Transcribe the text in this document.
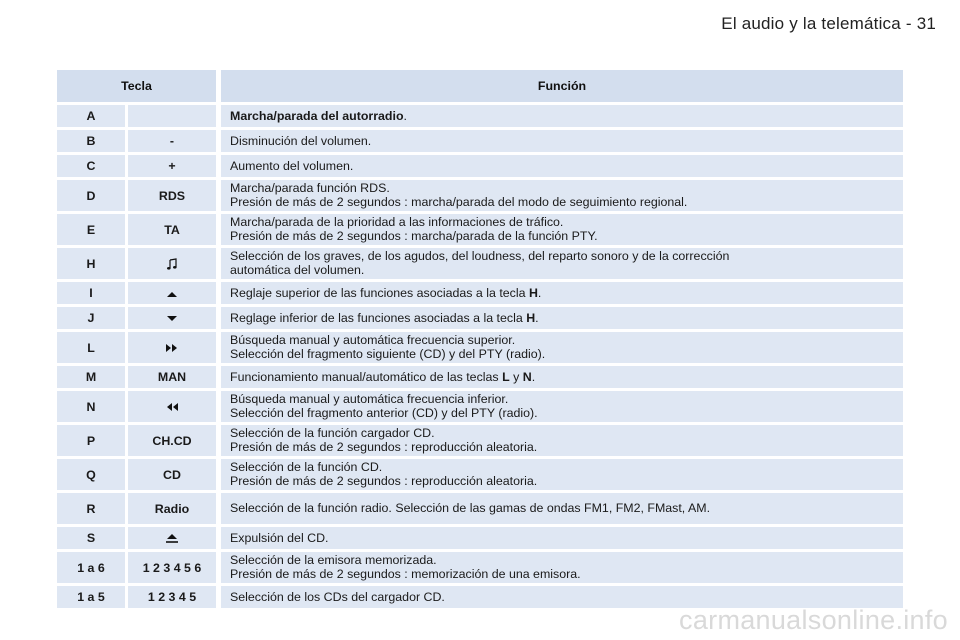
El audio y la telemática - 31
Tecla		Función
A		Marcha/parada del autorradio.

B	-	Disminución del volumen.

C	+	Aumento del volumen.

D	RDS	Marcha/parada función RDS.
Presión de más de 2 segundos : marcha/parada del modo de seguimiento regional.

E	TA	Marcha/parada de la prioridad a las informaciones de tráfico.
Presión de más de 2 segundos : marcha/parada de la función PTY.

H		Selección de los graves, de los agudos, del loudness, del reparto sonoro y de la corrección
automática del volumen.

I		Reglaje superior de las funciones asociadas a la tecla H.

J		Reglage inferior de las funciones asociadas a la tecla H.

L		Búsqueda manual y automática frecuencia superior.
Selección del fragmento siguiente (CD) y del PTY (radio).

M	MAN	Funcionamiento manual/automático de las teclas L y N.

N		Búsqueda manual y automática frecuencia inferior.
Selección del fragmento anterior (CD) y del PTY (radio).

P	CH.CD	Selección de la función cargador CD.
Presión de más de 2 segundos : reproducción aleatoria.

Q	CD	Selección de la función CD.
Presión de más de 2 segundos : reproducción aleatoria.

R	Radio	Selección de la función radio. Selección de las gamas de ondas FM1, FM2, FMast, AM.

S		Expulsión del CD.

1 a 6	1 2 3 4 5 6	Selección de la emisora memorizada.
Presión de más de 2 segundos : memorización de una emisora.

1 a 5	1 2 3 4 5	Selección de los CDs del cargador CD.
carmanualsonline.info
